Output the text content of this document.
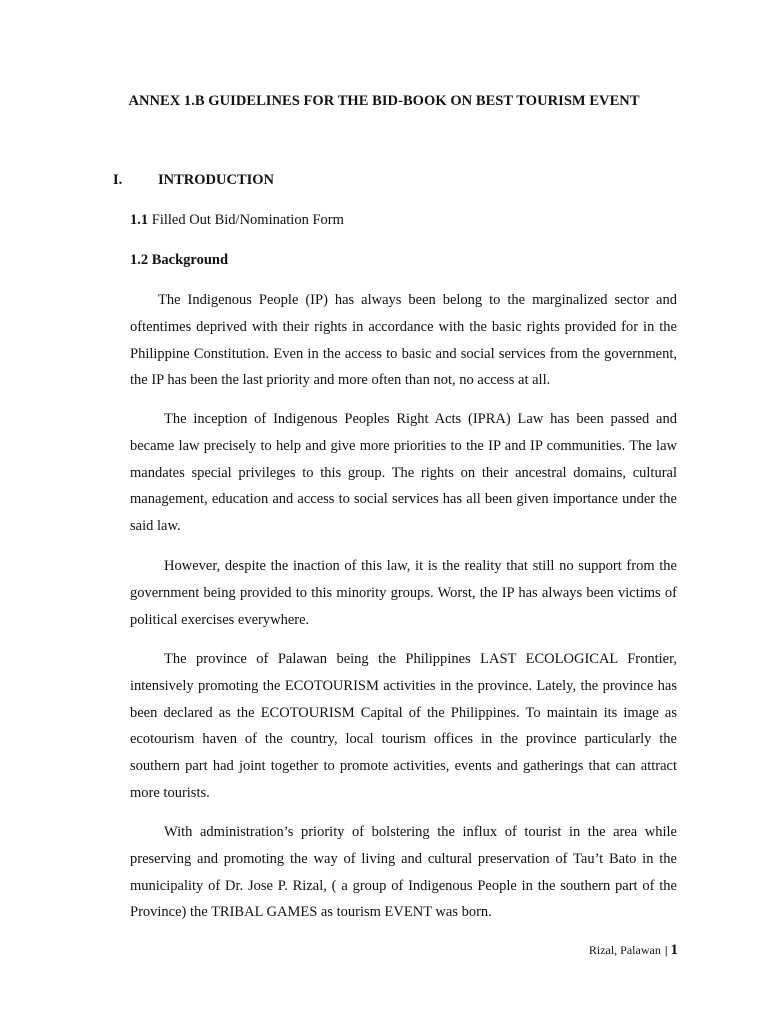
ANNEX 1.B GUIDELINES FOR THE BID-BOOK ON BEST TOURISM EVENT
I. INTRODUCTION
1.1 Filled Out Bid/Nomination Form
1.2 Background

The Indigenous People (IP) has always been belong to the marginalized sector and oftentimes deprived with their rights in accordance with the basic rights provided for in the Philippine Constitution. Even in the access to basic and social services from the government, the IP has been the last priority and more often than not, no access at all.

The inception of Indigenous Peoples Right Acts (IPRA) Law has been passed and became law precisely to help and give more priorities to the IP and IP communities. The law mandates special privileges to this group. The rights on their ancestral domains, cultural management, education and access to social services has all been given importance under the said law.

However, despite the inaction of this law, it is the reality that still no support from the government being provided to this minority groups. Worst, the IP has always been victims of political exercises everywhere.

The province of Palawan being the Philippines LAST ECOLOGICAL Frontier, intensively promoting the ECOTOURISM activities in the province. Lately, the province has been declared as the ECOTOURISM Capital of the Philippines. To maintain its image as ecotourism haven of the country, local tourism offices in the province particularly the southern part had joint together to promote activities, events and gatherings that can attract more tourists.

With administration’s priority of bolstering the influx of tourist in the area while preserving and promoting the way of living and cultural preservation of Tau’t Bato in the municipality of Dr. Jose P. Rizal, ( a group of Indigenous People in the southern part of the Province) the TRIBAL GAMES as tourism EVENT was born.

Rizal, Palawan | 1
